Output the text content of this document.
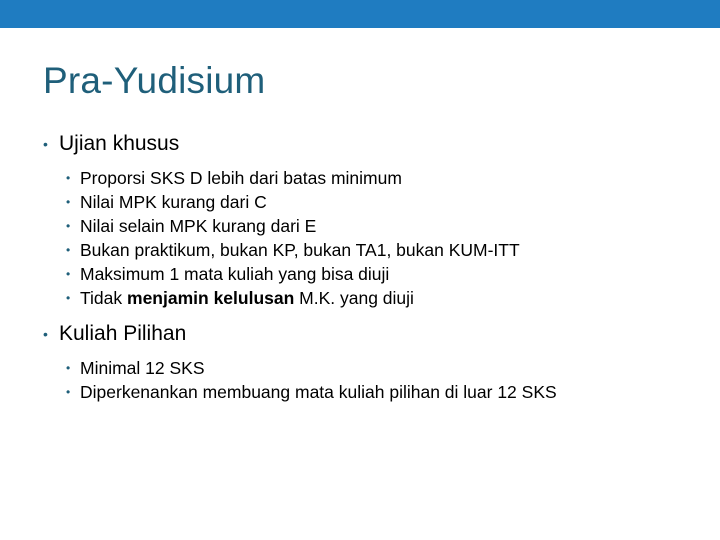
Pra-Yudisium
• Ujian khusus
• Proporsi SKS D lebih dari batas minimum
• Nilai MPK kurang dari C
• Nilai selain MPK kurang dari E
• Bukan praktikum, bukan KP, bukan TA1, bukan KUM-ITT
• Maksimum 1 mata kuliah yang bisa diuji
• Tidak menjamin kelulusan M.K. yang diuji
• Kuliah Pilihan
• Minimal 12 SKS
• Diperkenankan membuang mata kuliah pilihan di luar 12 SKS
